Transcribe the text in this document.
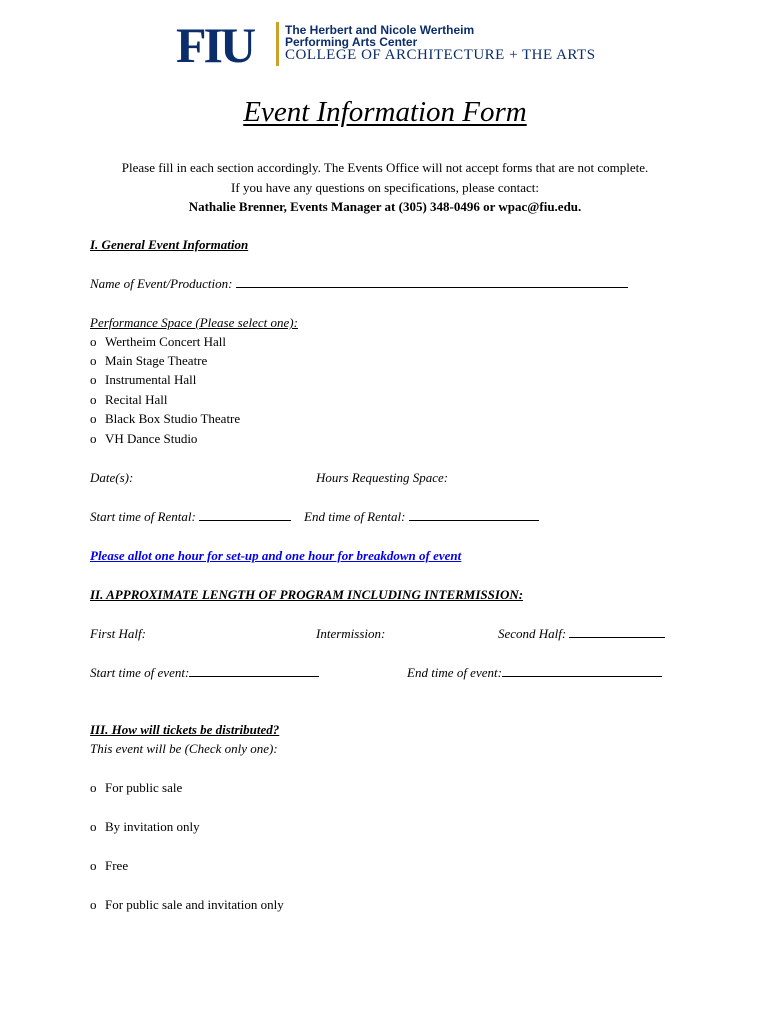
FIU	The Herbert and Nicole Wertheim
Performing Arts Center
COLLEGE OF ARCHITECTURE + THE ARTS
Event Information Form
Please fill in each section accordingly. The Events Office will not accept forms that are not complete.
If you have any questions on specifications, please contact:
Nathalie Brenner, Events Manager at (305) 348-0496 or wpac@fiu.edu.
I. General Event Information
Name of Event/Production:
Performance Space (Please select one):
o Wertheim Concert Hall
o Main Stage Theatre
o Instrumental Hall
o Recital Hall
o Black Box Studio Theatre
o VH Dance Studio
Date(s):	Hours Requesting Space:
Start time of Rental:	End time of Rental:
Please allot one hour for set-up and one hour for breakdown of event
II. APPROXIMATE LENGTH OF PROGRAM INCLUDING INTERMISSION:
First Half:	Intermission:	Second Half:
Start time of event:	End time of event:
III. How will tickets be distributed?
This event will be (Check only one):
o For public sale
o By invitation only
o Free
o For public sale and invitation only
